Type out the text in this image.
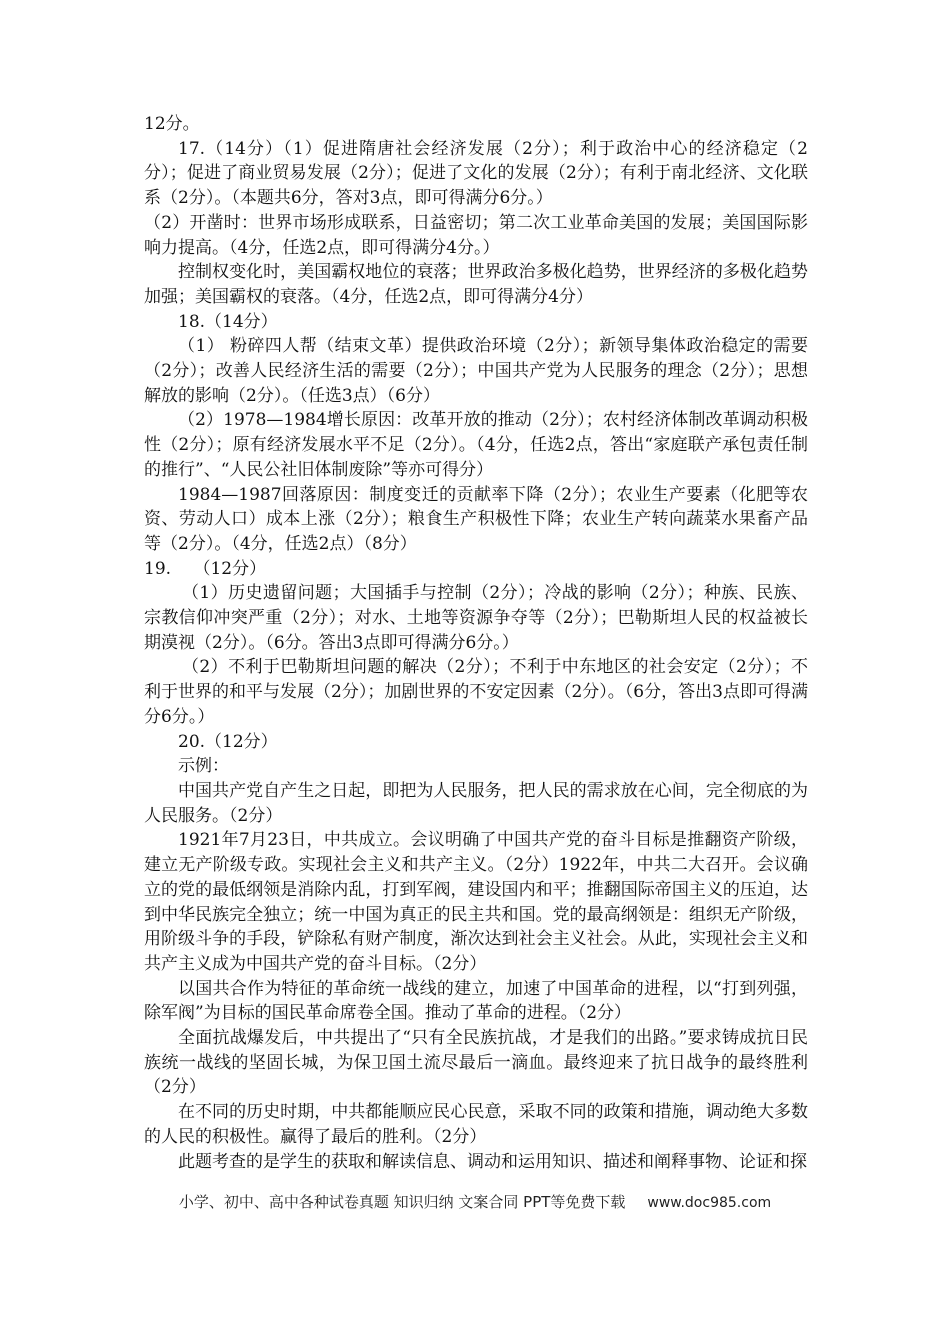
12分。

17.（14分）（1）促进隋唐社会经济发展（2分）；利于政治中心的经济稳定（2分）；促进了商业贸易发展（2分）；促进了文化的发展（2分）；有利于南北经济、文化联系（2分）。（本题共6分，答对3点，即可得满分6分。）

（2）开凿时：世界市场形成联系，日益密切；第二次工业革命美国的发展；美国国际影响力提高。（4分，任选2点，即可得满分4分。）

控制权变化时，美国霸权地位的衰落；世界政治多极化趋势，世界经济的多极化趋势加强；美国霸权的衰落。（4分，任选2点，即可得满分4分）

18.（14分）

（1） 粉碎四人帮（结束文革）提供政治环境（2分）；新领导集体政治稳定的需要（2分）；改善人民经济生活的需要（2分）；中国共产党为人民服务的理念（2分）；思想解放的影响（2分）。（任选3点）（6分）

（2）1978—1984增长原因：改革开放的推动（2分）；农村经济体制改革调动积极性（2分）；原有经济发展水平不足（2分）。（4分，任选2点，答出“家庭联产承包责任制的推行”、“人民公社旧体制废除”等亦可得分）

1984—1987回落原因：制度变迁的贡献率下降（2分）；农业生产要素（化肥等农资、劳动人口）成本上涨（2分）；粮食生产积极性下降；农业生产转向蔬菜水果畜产品等（2分）。（4分，任选2点）（8分）

19.　 （12分）

（1）历史遗留问题；大国插手与控制（2分）；冷战的影响（2分）；种族、民族、宗教信仰冲突严重（2分）；对水、土地等资源争夺等（2分）；巴勒斯坦人民的权益被长期漠视（2分）。（6分。答出3点即可得满分6分。）

（2）不利于巴勒斯坦问题的解决（2分）；不利于中东地区的社会安定（2分）；不利于世界的和平与发展（2分）；加剧世界的不安定因素（2分）。（6分，答出3点即可得满分6分。）

20.（12分）

示例：

中国共产党自产生之日起，即把为人民服务，把人民的需求放在心间，完全彻底的为人民服务。（2分）

1921年7月23日，中共成立。会议明确了中国共产党的奋斗目标是推翻资产阶级，建立无产阶级专政。实现社会主义和共产主义。（2分）1922年，中共二大召开。会议确立的党的最低纲领是消除内乱，打到军阀，建设国内和平；推翻国际帝国主义的压迫，达到中华民族完全独立；统一中国为真正的民主共和国。党的最高纲领是：组织无产阶级，用阶级斗争的手段，铲除私有财产制度，渐次达到社会主义社会。从此，实现社会主义和共产主义成为中国共产党的奋斗目标。（2分）

以国共合作为特征的革命统一战线的建立，加速了中国革命的进程，以“打到列强，除军阀”为目标的国民革命席卷全国。推动了革命的进程。（2分）

全面抗战爆发后，中共提出了“只有全民族抗战，才是我们的出路。”要求铸成抗日民族统一战线的坚固长城，为保卫国土流尽最后一滴血。最终迎来了抗日战争的最终胜利（2分）

在不同的历史时期，中共都能顺应民心民意，采取不同的政策和措施，调动绝大多数的人民的积极性。赢得了最后的胜利。（2分）

此题考查的是学生的获取和解读信息、调动和运用知识、描述和阐释事物、论证和探

小学、初中、高中各种试卷真题 知识归纳 文案合同 PPT等免费下载 www.doc985.com
